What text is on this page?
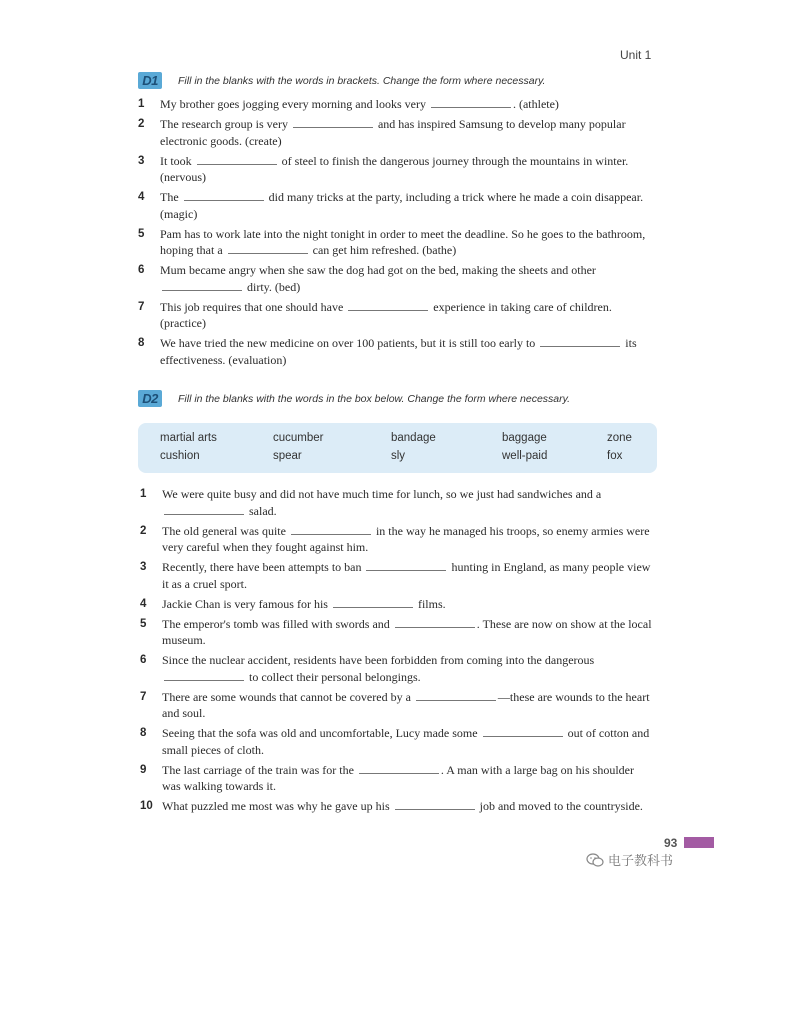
Unit 1
D1	Fill in the blanks with the words in brackets. Change the form where necessary.
1 My brother goes jogging every morning and looks very	. (athlete)
2 The research group is very	and has inspired Samsung to develop many popular electronic goods. (create)
3 It took	of steel to finish the dangerous journey through the mountains in winter. (nervous)
4 The	did many tricks at the party, including a trick where he made a coin disappear. (magic)
5 Pam has to work late into the night tonight in order to meet the deadline. So he goes to the bathroom, hoping that a	can get him refreshed. (bathe)
6 Mum became angry when she saw the dog had got on the bed, making the sheets and other  dirty. (bed)
7 This job requires that one should have	experience in taking care of children. (practice)
8 We have tried the new medicine on over 100 patients, but it is still too early to	its effectiveness. (evaluation)
D2	Fill in the blanks with the words in the box below. Change the form where necessary.
martial arts	cucumber	bandage	baggage	zone
cushion	spear	sly	well-paid	fox
1 We were quite busy and did not have much time for lunch, so we just had sandwiches and a  salad.
2 The old general was quite	in the way he managed his troops, so enemy armies were very careful when they fought against him.
3 Recently, there have been attempts to ban	hunting in England, as many people view it as a cruel sport.
4 Jackie Chan is very famous for his	films.
5 The emperor's tomb was filled with swords and	. These are now on show at the local museum.
6 Since the nuclear accident, residents have been forbidden from coming into the dangerous  to collect their personal belongings.
7 There are some wounds that cannot be covered by a	—these are wounds to the heart and soul.
8 Seeing that the sofa was old and uncomfortable, Lucy made some	out of cotton and small pieces of cloth.
9 The last carriage of the train was for the	. A man with a large bag on his shoulder was walking towards it.
10 What puzzled me most was why he gave up his	job and moved to the countryside.
93
电子教科书
